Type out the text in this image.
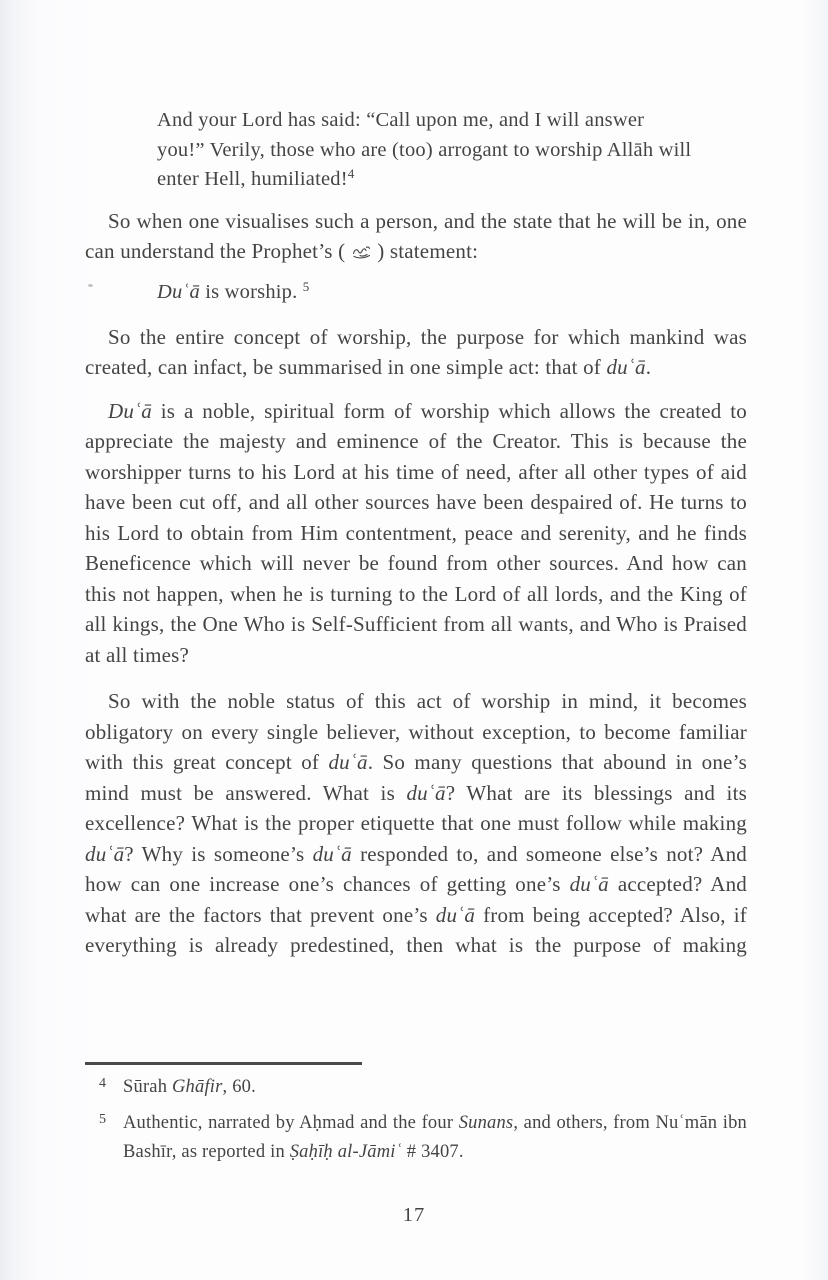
And your Lord has said: “Call upon me, and I will answer you!” Verily, those who are (too) arrogant to worship Allāh will enter Hell, humiliated!$^4$

So when one visualises such a person, and the state that he will be in, one can understand the Prophet’s ( ) statement:

Duʿā is worship. $^5$

So the entire concept of worship, the purpose for which mankind was created, can infact, be summarised in one simple act: that of duʿā.

Duʿā is a noble, spiritual form of worship which allows the created to appreciate the majesty and eminence of the Creator. This is because the worshipper turns to his Lord at his time of need, after all other types of aid have been cut off, and all other sources have been despaired of. He turns to his Lord to obtain from Him contentment, peace and serenity, and he finds Beneficence which will never be found from other sources. And how can this not happen, when he is turning to the Lord of all lords, and the King of all kings, the One Who is Self-Sufficient from all wants, and Who is Praised at all times?

So with the noble status of this act of worship in mind, it becomes obligatory on every single believer, without exception, to become familiar with this great concept of duʿā. So many questions that abound in one’s mind must be answered. What is duʿā? What are its blessings and its excellence? What is the proper etiquette that one must follow while making duʿā? Why is someone’s duʿā responded to, and someone else’s not? And how can one increase one’s chances of getting one’s duʿā accepted? And what are the factors that prevent one’s duʿā from being accepted? Also, if everything is already predestined, then what is the purpose of making

4 Sūrah Ghāfir, 60.
5 Authentic, narrated by Aḥmad and the four Sunans, and others, from Nuʿmān ibn Bashīr, as reported in Ṣaḥīḥ al-Jāmiʿ # 3407.
17
